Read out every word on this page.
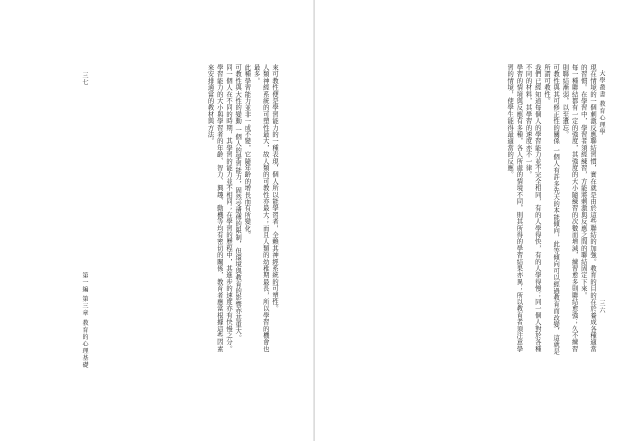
三七
第一編 第三章 教育的心理基礎
來可教性便是學習能力的一種表現，個人所以能學習者，全賴其神經系統的可塑性。
人類神經系統的可塑性最大，故人類的可教性亦最大；而且人類的幼稚期最長，所以學習的機會也最多。
此種學習能力並非一成不變，它隨年齡的增長而有所變化。
可教性與大性的變動 一個人的學習能力，固然受遺傳的限制，但環境與教育的影響亦甚重大。
同一個人在不同的時期，其學習的能力並不相同；在學習的歷程中，其進步的速度亦有快慢之分。
學習能力的大小與學習者的年齡、智力、興趣、動機等均有密切的關係，教育者應當根據這些因素來安排適當的教材與方法。	大學叢書 教育心理學
三六
現在情境的一個刺激反應聯結習慣，實在就是由於這些聯結的加強。教育的目的在於養成各種適當的習慣。在學習中，學習者須經練習，方能將刺激與反應之間的聯結固定下來。
每一種聯結都有一定的強度，其強度的大小隨練習的次數而增減，練習愈多則聯結愈強；久不練習則聯結漸弱，以至遺忘。
可教性與其可修正性的關係 一個人有許多先天的本能傾向，此等傾向可以經過教育而改變，這就是所謂可教性。
我們已經知道每個人的學習能力並不完全相同，有的人學得快，有的人學得慢；同一個人對於各種不同的材料，其學習的速度亦不一律。
學習的情境與反應有多種，各人所處的情境不同，則其所得的學習結果亦異；所以教育者須注意學習的情境，使學生能得最適當的反應。
